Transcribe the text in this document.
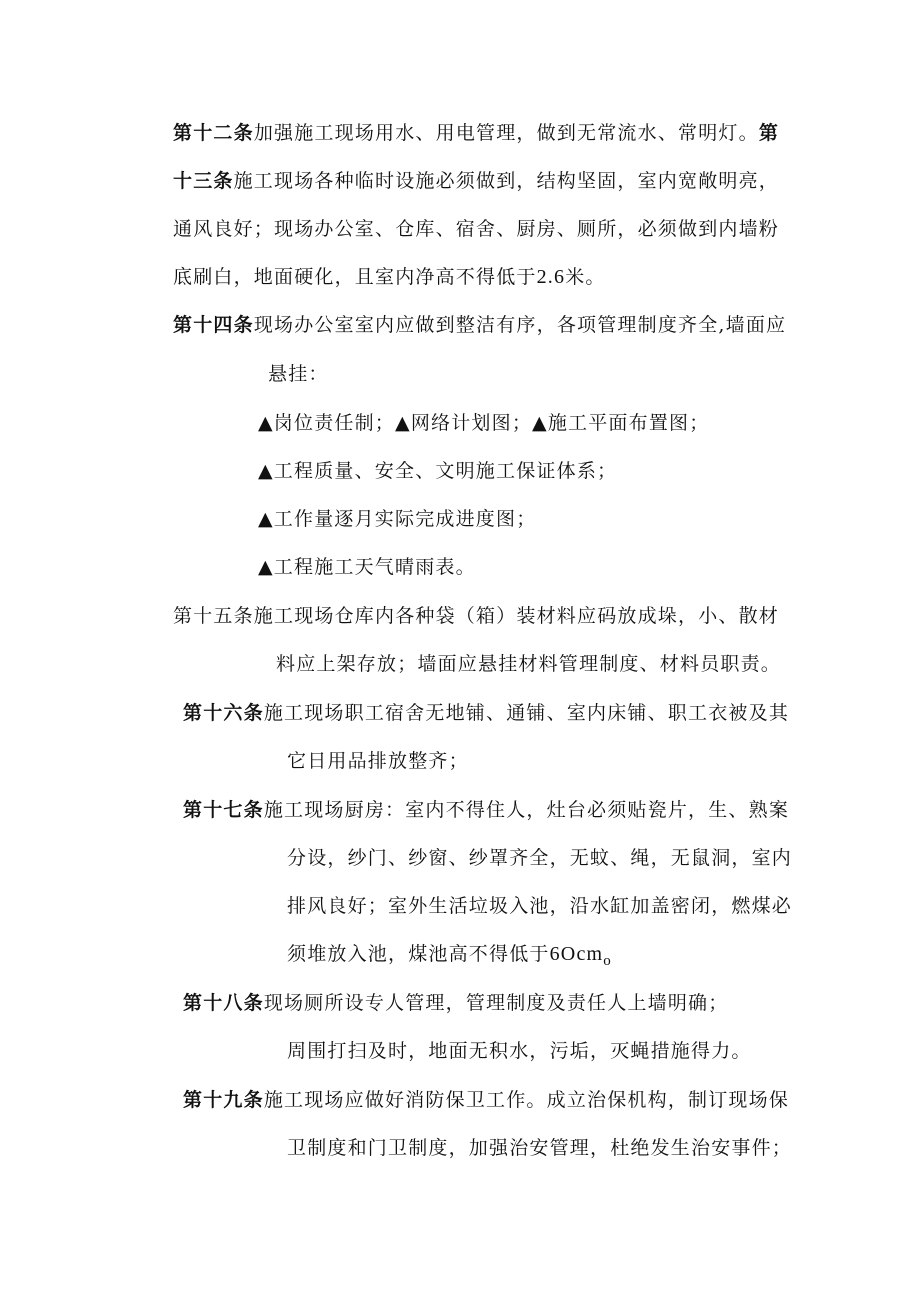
第十二条加强施工现场用水、用电管理，做到无常流水、常明灯。第
十三条施工现场各种临时设施必须做到，结构坚固，室内宽敞明亮，
通风良好；现场办公室、仓库、宿舍、厨房、厕所，必须做到内墙粉
底刷白，地面硬化，且室内净高不得低于2.6米。
第十四条现场办公室室内应做到整洁有序，各项管理制度齐全,墙面应
悬挂：
▲岗位责任制；▲网络计划图；▲施工平面布置图；
▲工程质量、安全、文明施工保证体系；
▲工作量逐月实际完成进度图；
▲工程施工天气晴雨表。
第十五条施工现场仓库内各种袋（箱）装材料应码放成垛，小、散材
料应上架存放；墙面应悬挂材料管理制度、材料员职责。
第十六条施工现场职工宿舍无地铺、通铺、室内床铺、职工衣被及其
它日用品排放整齐；
第十七条施工现场厨房：室内不得住人，灶台必须贴瓷片，生、熟案
分设，纱门、纱窗、纱罩齐全，无蚊、绳，无鼠洞，室内
排风良好；室外生活垃圾入池，沿水缸加盖密闭，燃煤必
须堆放入池，煤池高不得低于6Ocm$_o$
第十八条现场厕所设专人管理，管理制度及责任人上墙明确；
周围打扫及时，地面无积水，污垢，灭蝇措施得力。
第十九条施工现场应做好消防保卫工作。成立治保机构，制订现场保
卫制度和门卫制度，加强治安管理，杜绝发生治安事件；
